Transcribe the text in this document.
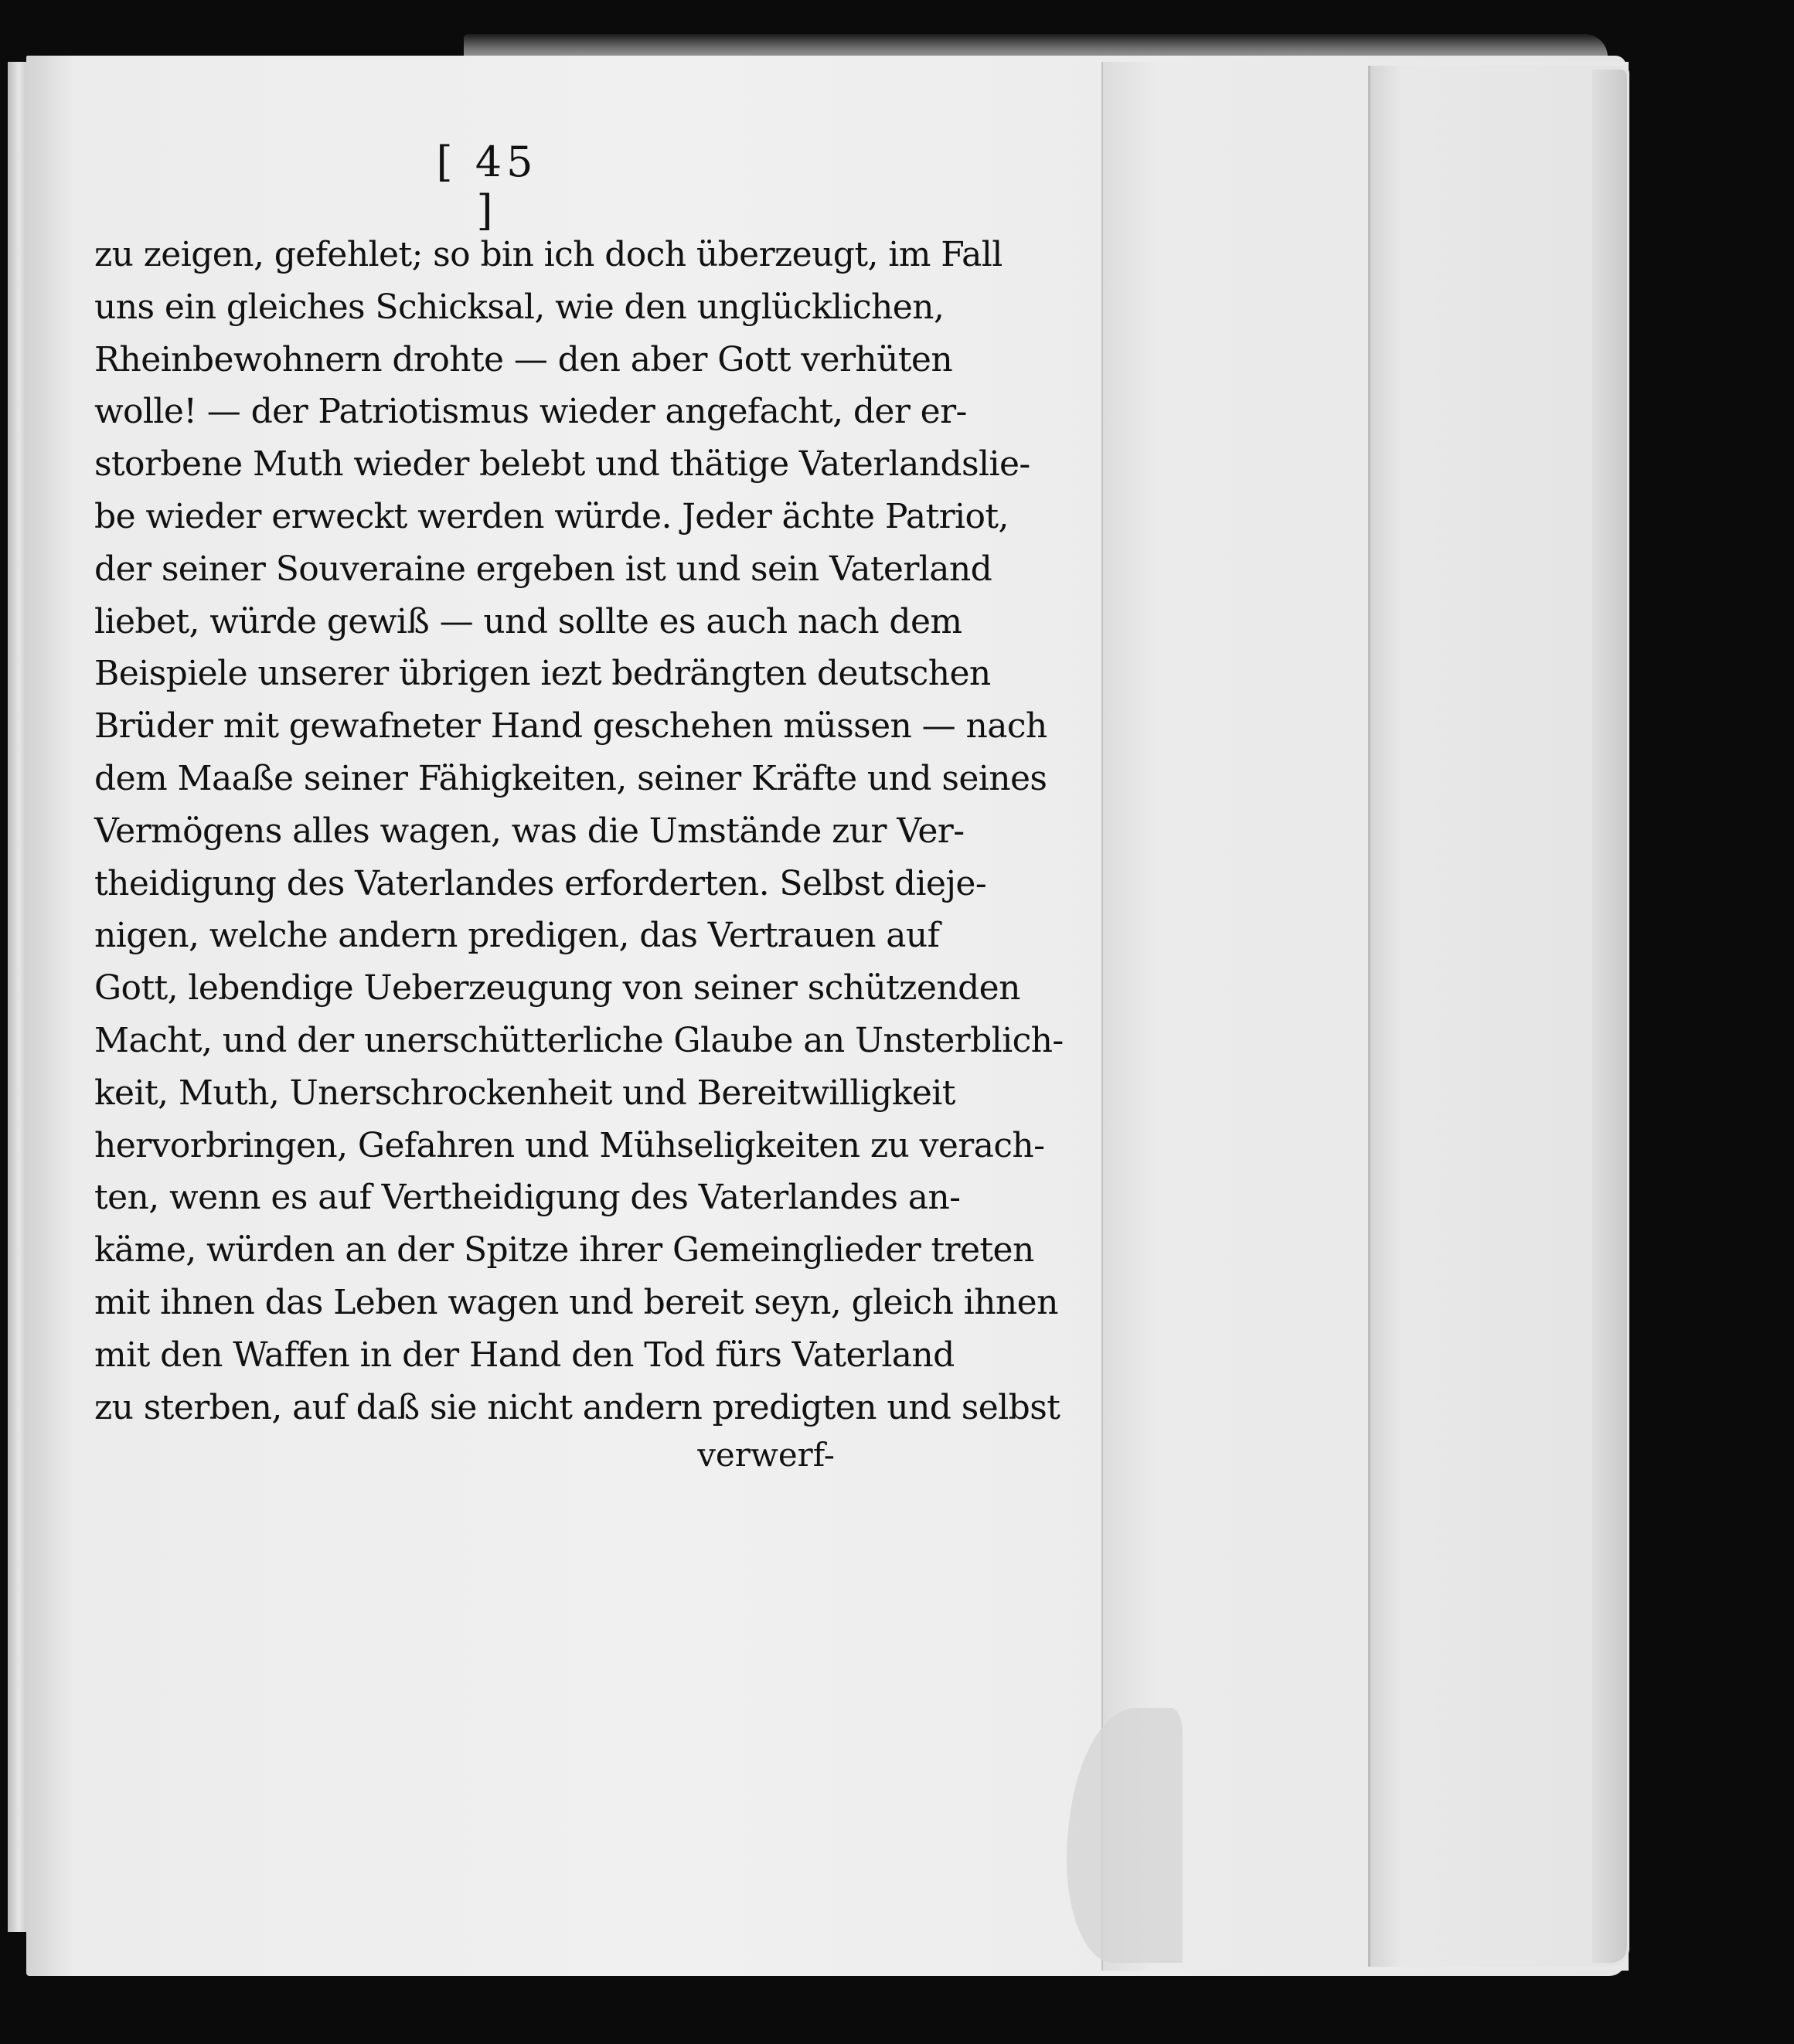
[ 45 ]
zu zeigen, gefehlet; so bin ich doch überzeugt, im Fall
uns ein gleiches Schicksal, wie den unglücklichen,
Rheinbewohnern drohte — den aber Gott verhüten
wolle! — der Patriotismus wieder angefacht, der er-
storbene Muth wieder belebt und thätige Vaterlandslie-
be wieder erweckt werden würde. Jeder ächte Patriot,
der seiner Souveraine ergeben ist und sein Vaterland
liebet, würde gewiß — und sollte es auch nach dem
Beispiele unserer übrigen iezt bedrängten deutschen
Brüder mit gewafneter Hand geschehen müssen — nach
dem Maaße seiner Fähigkeiten, seiner Kräfte und seines
Vermögens alles wagen, was die Umstände zur Ver-
theidigung des Vaterlandes erforderten. Selbst dieje-
nigen, welche andern predigen, das Vertrauen auf
Gott, lebendige Ueberzeugung von seiner schützenden
Macht, und der unerschütterliche Glaube an Unsterblich-
keit, Muth, Unerschrockenheit und Bereitwilligkeit
hervorbringen, Gefahren und Mühseligkeiten zu verach-
ten, wenn es auf Vertheidigung des Vaterlandes an-
käme, würden an der Spitze ihrer Gemeinglieder treten
mit ihnen das Leben wagen und bereit seyn, gleich ihnen
mit den Waffen in der Hand den Tod fürs Vaterland
zu sterben, auf daß sie nicht andern predigten und selbst
verwerf-
